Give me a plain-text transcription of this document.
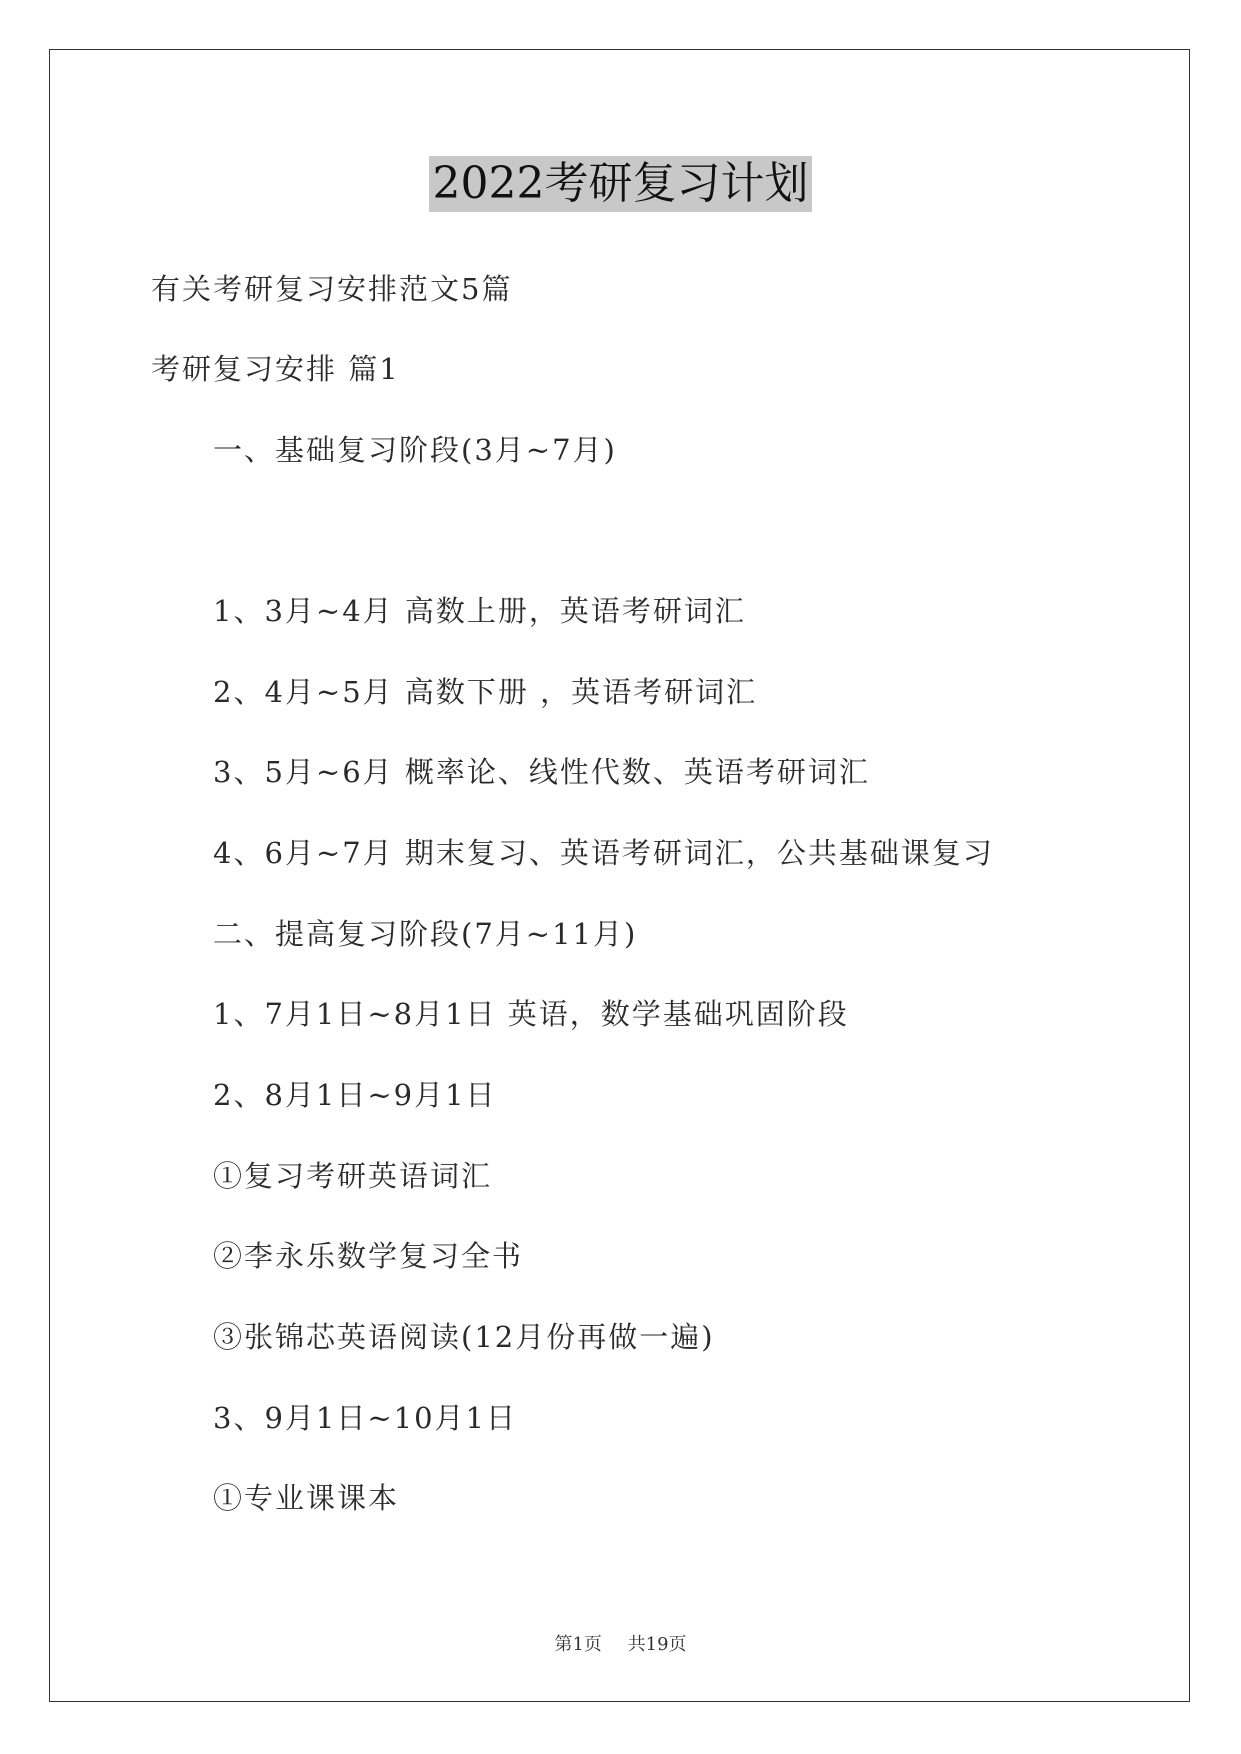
2022考研复习计划
有关考研复习安排范文5篇
考研复习安排 篇1
一、基础复习阶段(3月~7月)
1、3月~4月 高数上册，英语考研词汇
2、4月~5月 高数下册 ，英语考研词汇
3、5月~6月 概率论、线性代数、英语考研词汇
4、6月~7月 期末复习、英语考研词汇，公共基础课复习
二、提高复习阶段(7月~11月)
1、7月1日~8月1日 英语，数学基础巩固阶段
2、8月1日~9月1日
①复习考研英语词汇
②李永乐数学复习全书
③张锦芯英语阅读(12月份再做一遍)
3、9月1日~10月1日
①专业课课本
第1页 共19页
